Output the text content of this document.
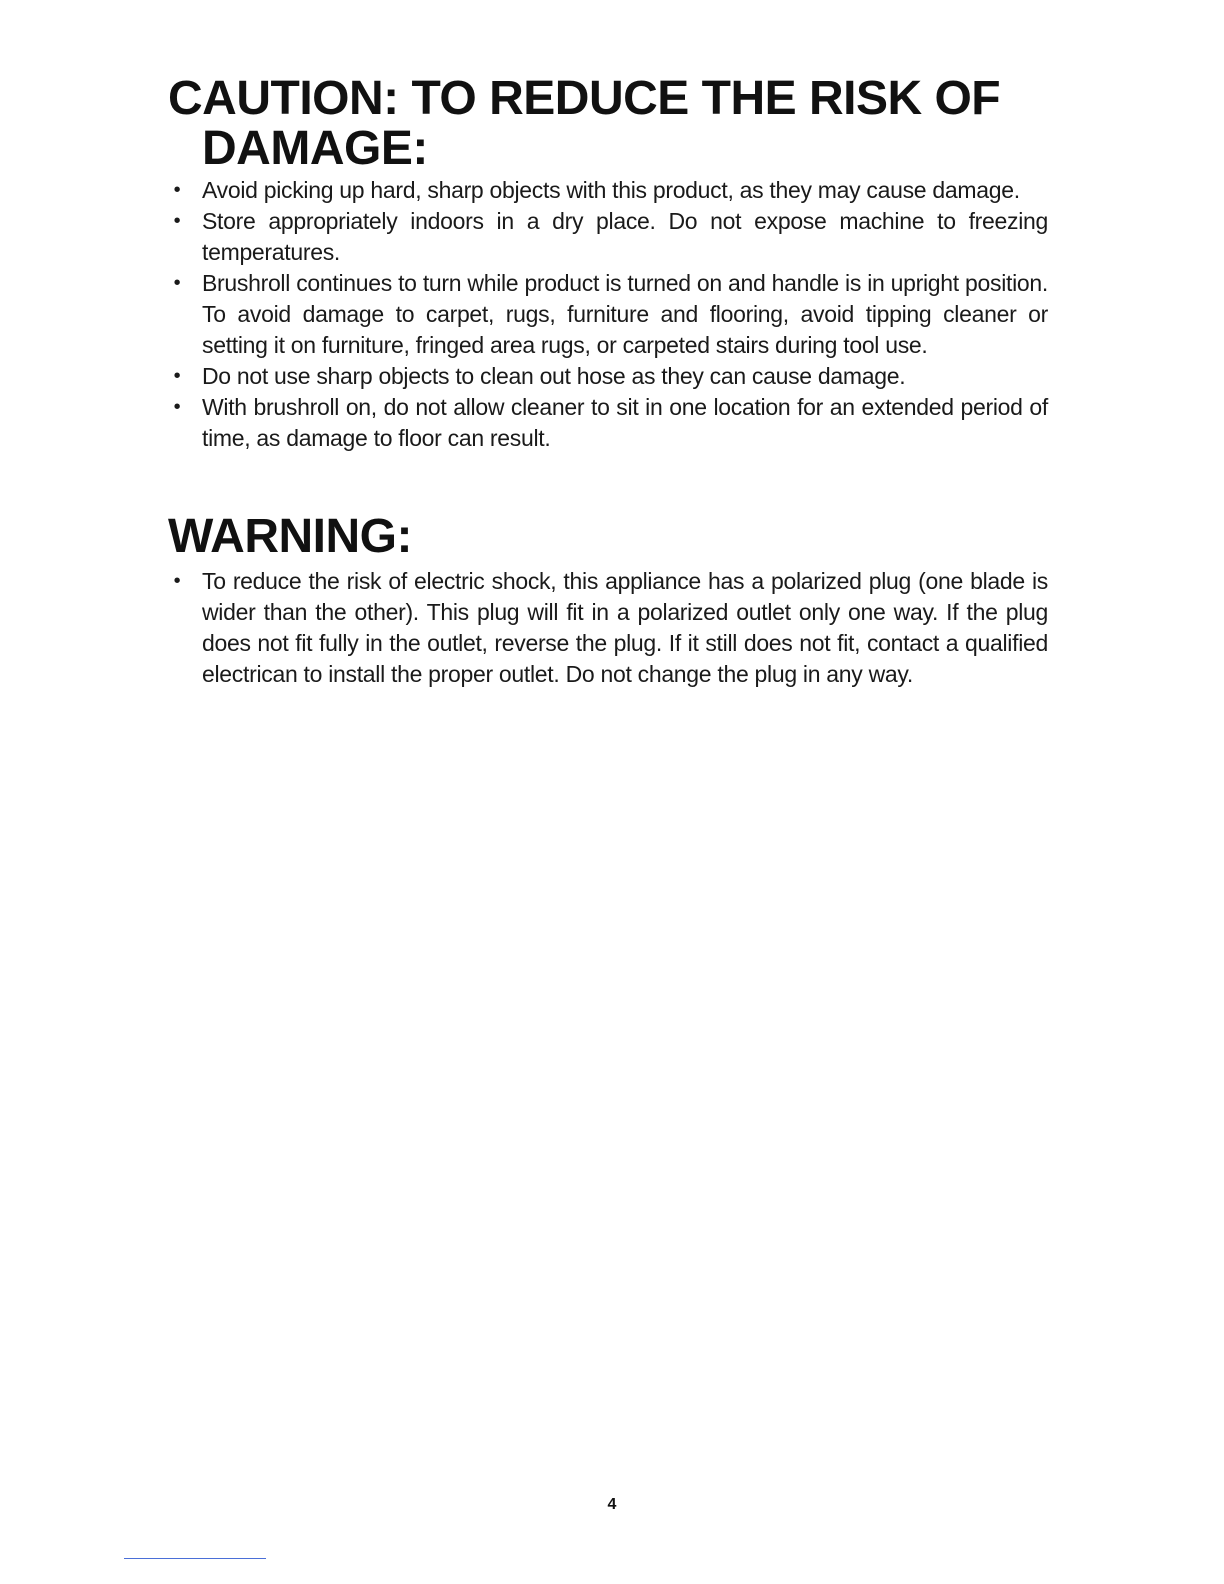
CAUTION: TO REDUCE THE RISK OF
DAMAGE:
• Avoid picking up hard, sharp objects with this product, as they may cause damage.
• Store appropriately indoors in a dry place. Do not expose machine to freezing temperatures.
• Brushroll continues to turn while product is turned on and handle is in upright position. To avoid damage to carpet, rugs, furniture and flooring, avoid tipping cleaner or setting it on furniture, fringed area rugs, or carpeted stairs during tool use.
• Do not use sharp objects to clean out hose as they can cause damage.
• With brushroll on, do not allow cleaner to sit in one location for an extended period of time, as damage to floor can result.
WARNING:
• To reduce the risk of electric shock, this appliance has a polarized plug (one blade is wider than the other). This plug will fit in a polarized outlet only one way. If the plug does not fit fully in the outlet, reverse the plug. If it still does not fit, contact a qualified electrican to install the proper outlet. Do not change the plug in any way.
4
